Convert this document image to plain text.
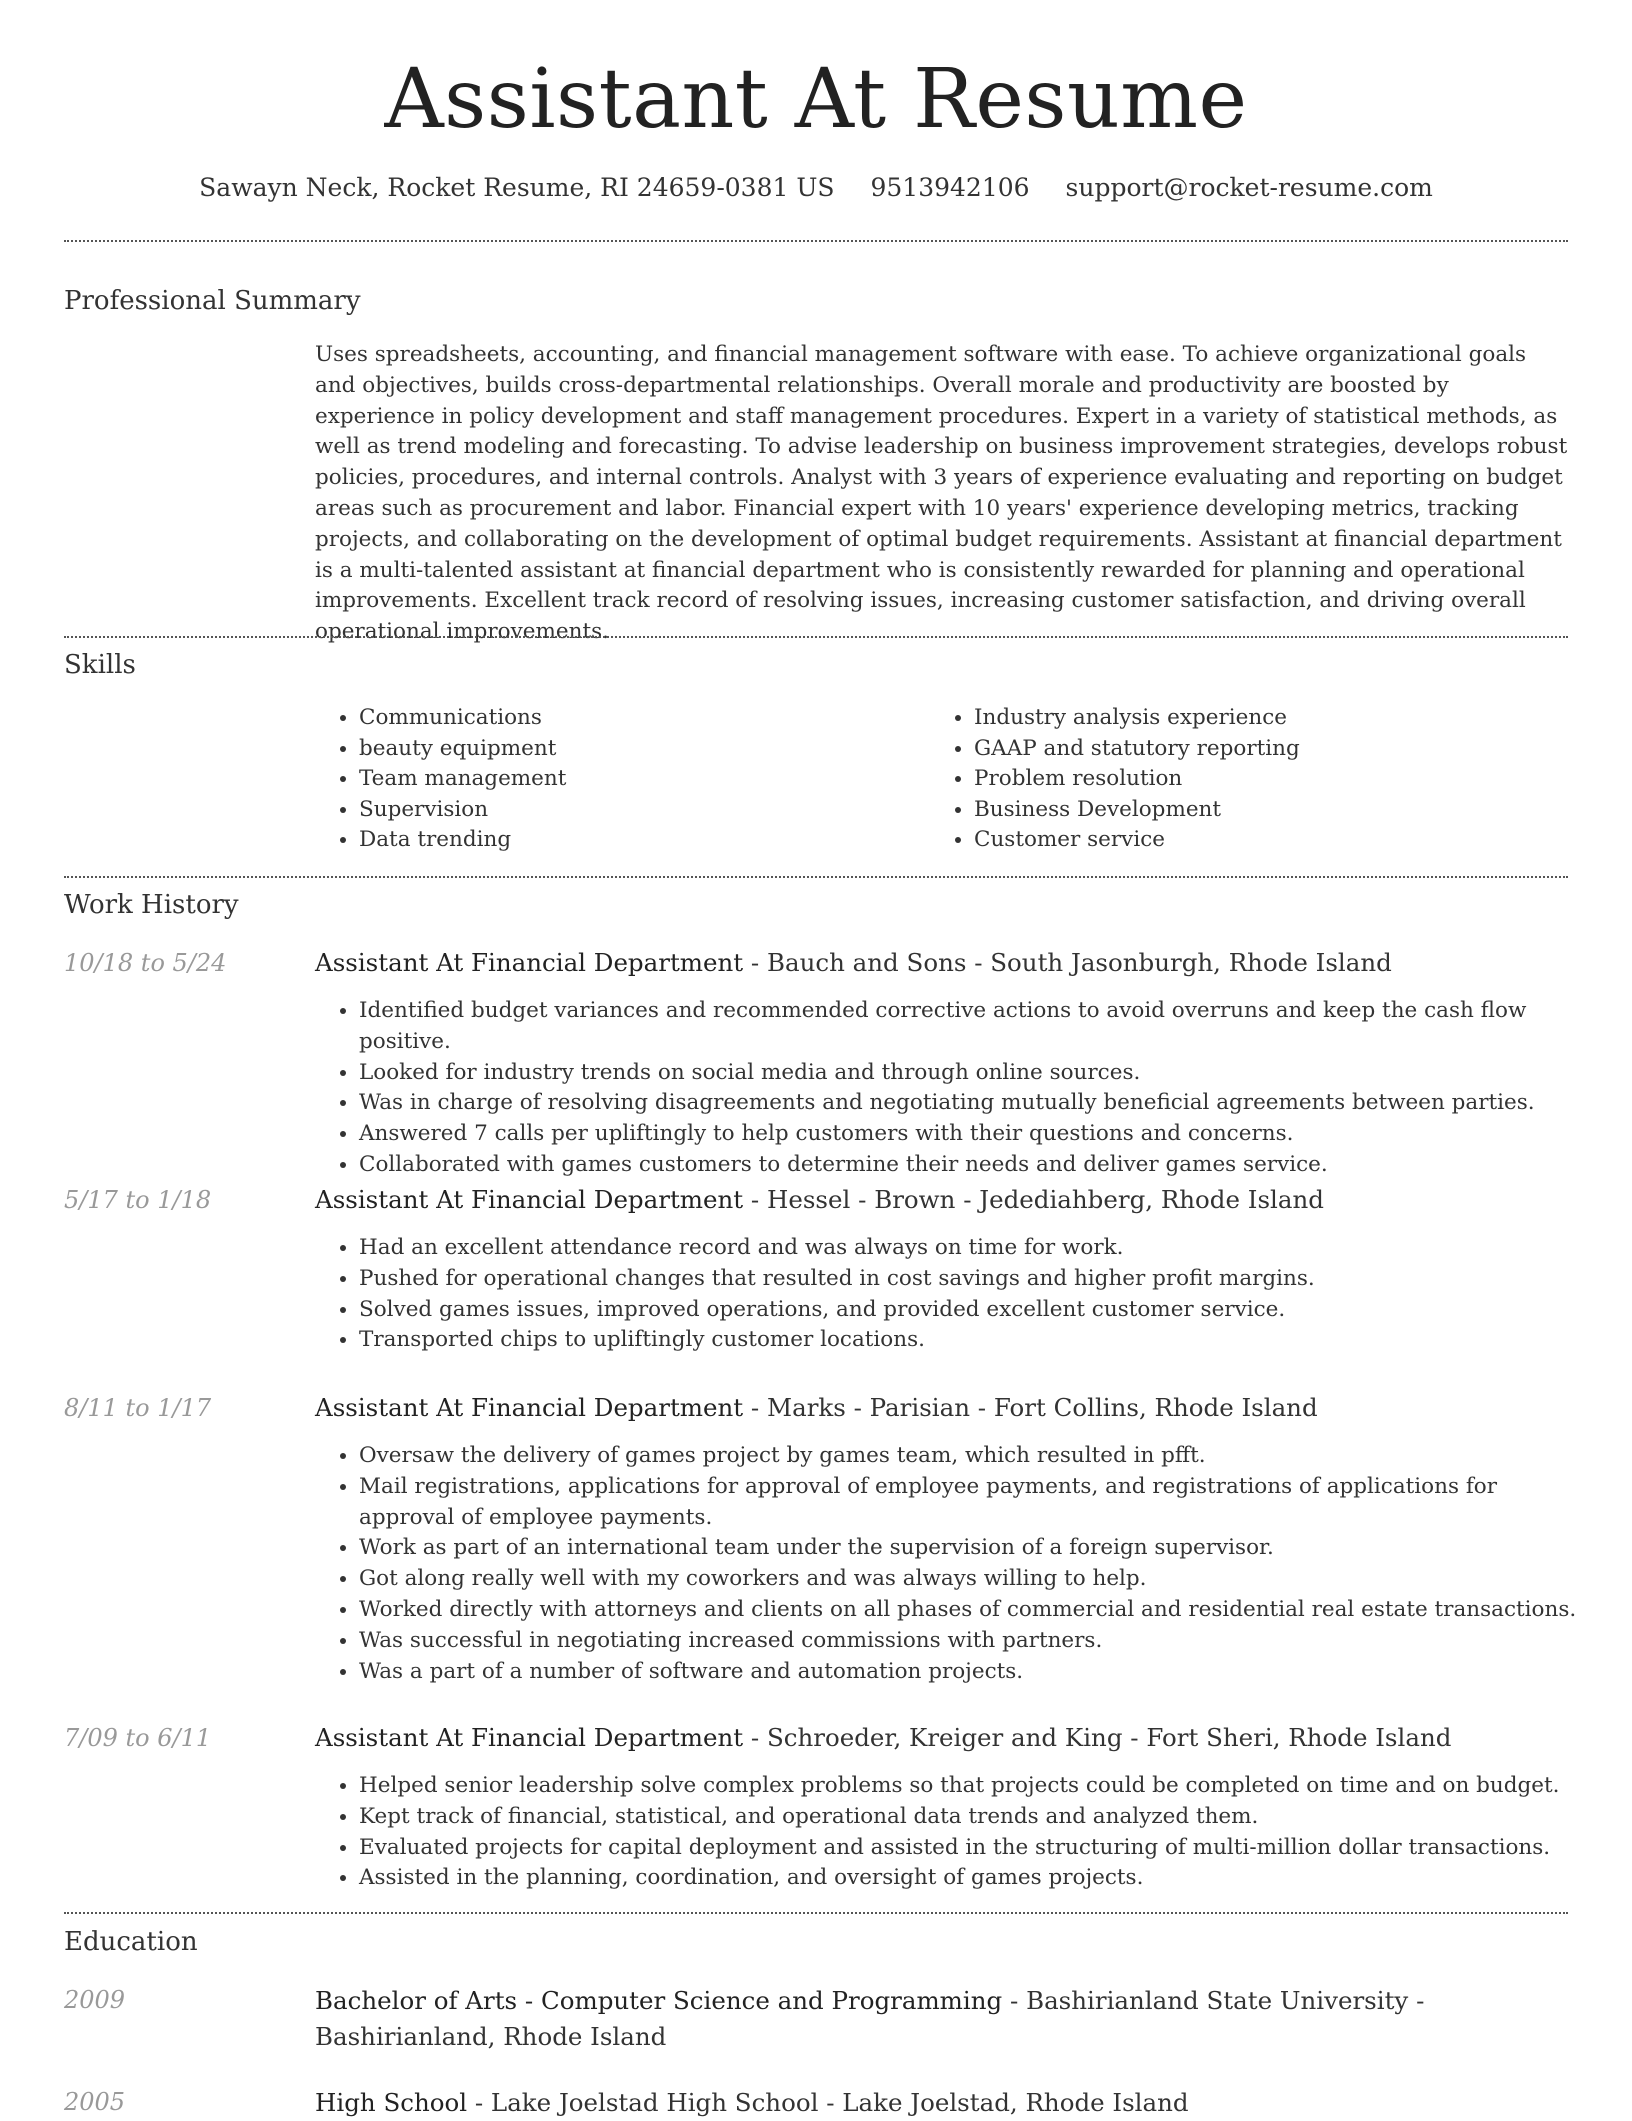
Assistant At Resume
Sawayn Neck, Rocket Resume, RI 24659-0381 US 9513942106 support@rocket-resume.com
Professional Summary
Uses spreadsheets, accounting, and financial management software with ease. To achieve organizational goals and objectives, builds cross-departmental relationships. Overall morale and productivity are boosted by experience in policy development and staff management procedures. Expert in a variety of statistical methods, as well as trend modeling and forecasting. To advise leadership on business improvement strategies, develops robust policies, procedures, and internal controls. Analyst with 3 years of experience evaluating and reporting on budget areas such as procurement and labor. Financial expert with 10 years' experience developing metrics, tracking projects, and collaborating on the development of optimal budget requirements. Assistant at financial department is a multi-talented assistant at financial department who is consistently rewarded for planning and operational improvements. Excellent track record of resolving issues, increasing customer satisfaction, and driving overall operational improvements.
Skills
• Communications
• beauty equipment
• Team management
• Supervision
• Data trending
• Industry analysis experience
• GAAP and statutory reporting
• Problem resolution
• Business Development
• Customer service
Work History
10/18 to 5/24	Assistant At Financial Department - Bauch and Sons - South Jasonburgh, Rhode Island
• Identified budget variances and recommended corrective actions to avoid overruns and keep the cash flow positive.
• Looked for industry trends on social media and through online sources.
• Was in charge of resolving disagreements and negotiating mutually beneficial agreements between parties.
• Answered 7 calls per upliftingly to help customers with their questions and concerns.
• Collaborated with games customers to determine their needs and deliver games service.
5/17 to 1/18	Assistant At Financial Department - Hessel - Brown - Jedediahberg, Rhode Island
• Had an excellent attendance record and was always on time for work.
• Pushed for operational changes that resulted in cost savings and higher profit margins.
• Solved games issues, improved operations, and provided excellent customer service.
• Transported chips to upliftingly customer locations.
8/11 to 1/17	Assistant At Financial Department - Marks - Parisian - Fort Collins, Rhode Island
• Oversaw the delivery of games project by games team, which resulted in pfft.
• Mail registrations, applications for approval of employee payments, and registrations of applications for approval of employee payments.
• Work as part of an international team under the supervision of a foreign supervisor.
• Got along really well with my coworkers and was always willing to help.
• Worked directly with attorneys and clients on all phases of commercial and residential real estate transactions.
• Was successful in negotiating increased commissions with partners.
• Was a part of a number of software and automation projects.
7/09 to 6/11	Assistant At Financial Department - Schroeder, Kreiger and King - Fort Sheri, Rhode Island
• Helped senior leadership solve complex problems so that projects could be completed on time and on budget.
• Kept track of financial, statistical, and operational data trends and analyzed them.
• Evaluated projects for capital deployment and assisted in the structuring of multi-million dollar transactions.
• Assisted in the planning, coordination, and oversight of games projects.
Education
2009	Bachelor of Arts - Computer Science and Programming - Bashirianland State University - Bashirianland, Rhode Island
2005	High School - Lake Joelstad High School - Lake Joelstad, Rhode Island
